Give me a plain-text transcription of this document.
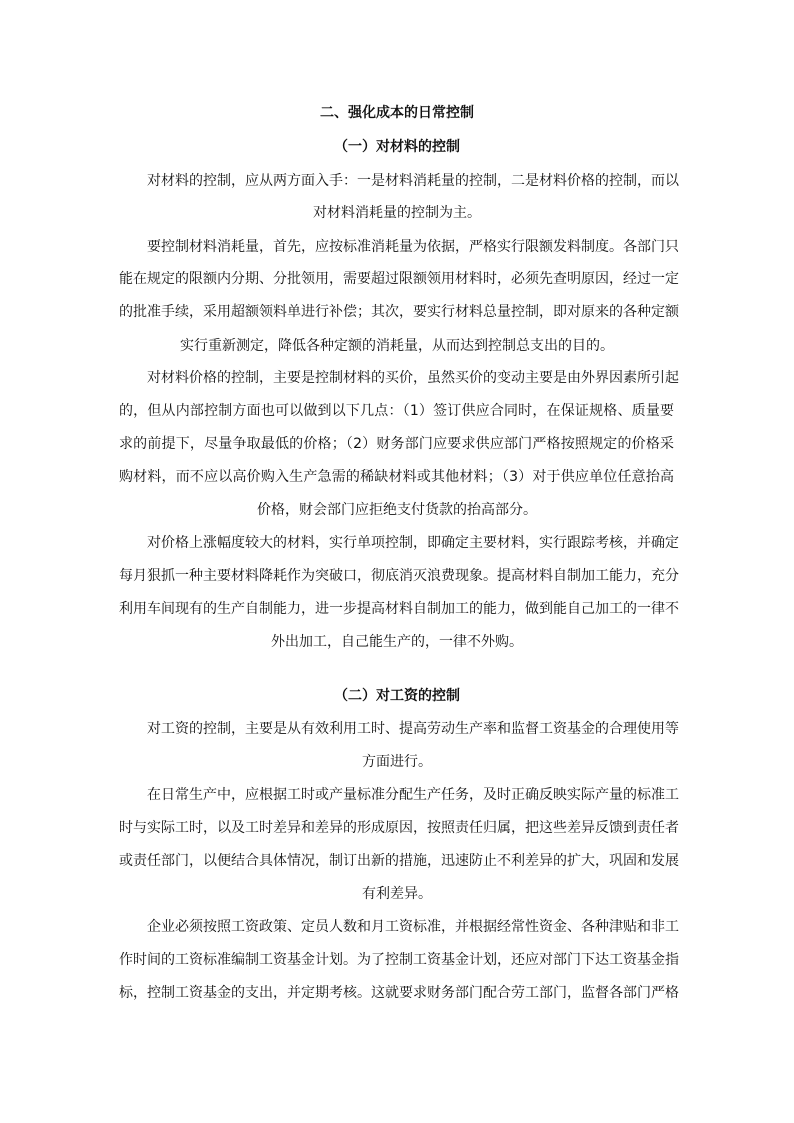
二、强化成本的日常控制
（一）对材料的控制
对材料的控制，应从两方面入手：一是材料消耗量的控制，二是材料价格的控制，而以
对材料消耗量的控制为主。
要控制材料消耗量，首先，应按标准消耗量为依据，严格实行限额发料制度。各部门只
能在规定的限额内分期、分批领用，需要超过限额领用材料时，必须先查明原因，经过一定
的批准手续，采用超额领料单进行补偿；其次，要实行材料总量控制，即对原来的各种定额
实行重新测定，降低各种定额的消耗量，从而达到控制总支出的目的。
对材料价格的控制，主要是控制材料的买价，虽然买价的变动主要是由外界因素所引起
的，但从内部控制方面也可以做到以下几点：（1）签订供应合同时，在保证规格、质量要
求的前提下，尽量争取最低的价格；（2）财务部门应要求供应部门严格按照规定的价格采
购材料，而不应以高价购入生产急需的稀缺材料或其他材料；（3）对于供应单位任意抬高
价格，财会部门应拒绝支付货款的抬高部分。
对价格上涨幅度较大的材料，实行单项控制，即确定主要材料，实行跟踪考核，并确定
每月狠抓一种主要材料降耗作为突破口，彻底消灭浪费现象。提高材料自制加工能力，充分
利用车间现有的生产自制能力，进一步提高材料自制加工的能力，做到能自己加工的一律不
外出加工，自己能生产的，一律不外购。
（二）对工资的控制
对工资的控制，主要是从有效利用工时、提高劳动生产率和监督工资基金的合理使用等
方面进行。
在日常生产中，应根据工时或产量标准分配生产任务，及时正确反映实际产量的标准工
时与实际工时，以及工时差异和差异的形成原因，按照责任归属，把这些差异反馈到责任者
或责任部门，以便结合具体情况，制订出新的措施，迅速防止不利差异的扩大，巩固和发展
有利差异。
企业必须按照工资政策、定员人数和月工资标准，并根据经常性资金、各种津贴和非工
作时间的工资标准编制工资基金计划。为了控制工资基金计划，还应对部门下达工资基金指
标，控制工资基金的支出，并定期考核。这就要求财务部门配合劳工部门，监督各部门严格
